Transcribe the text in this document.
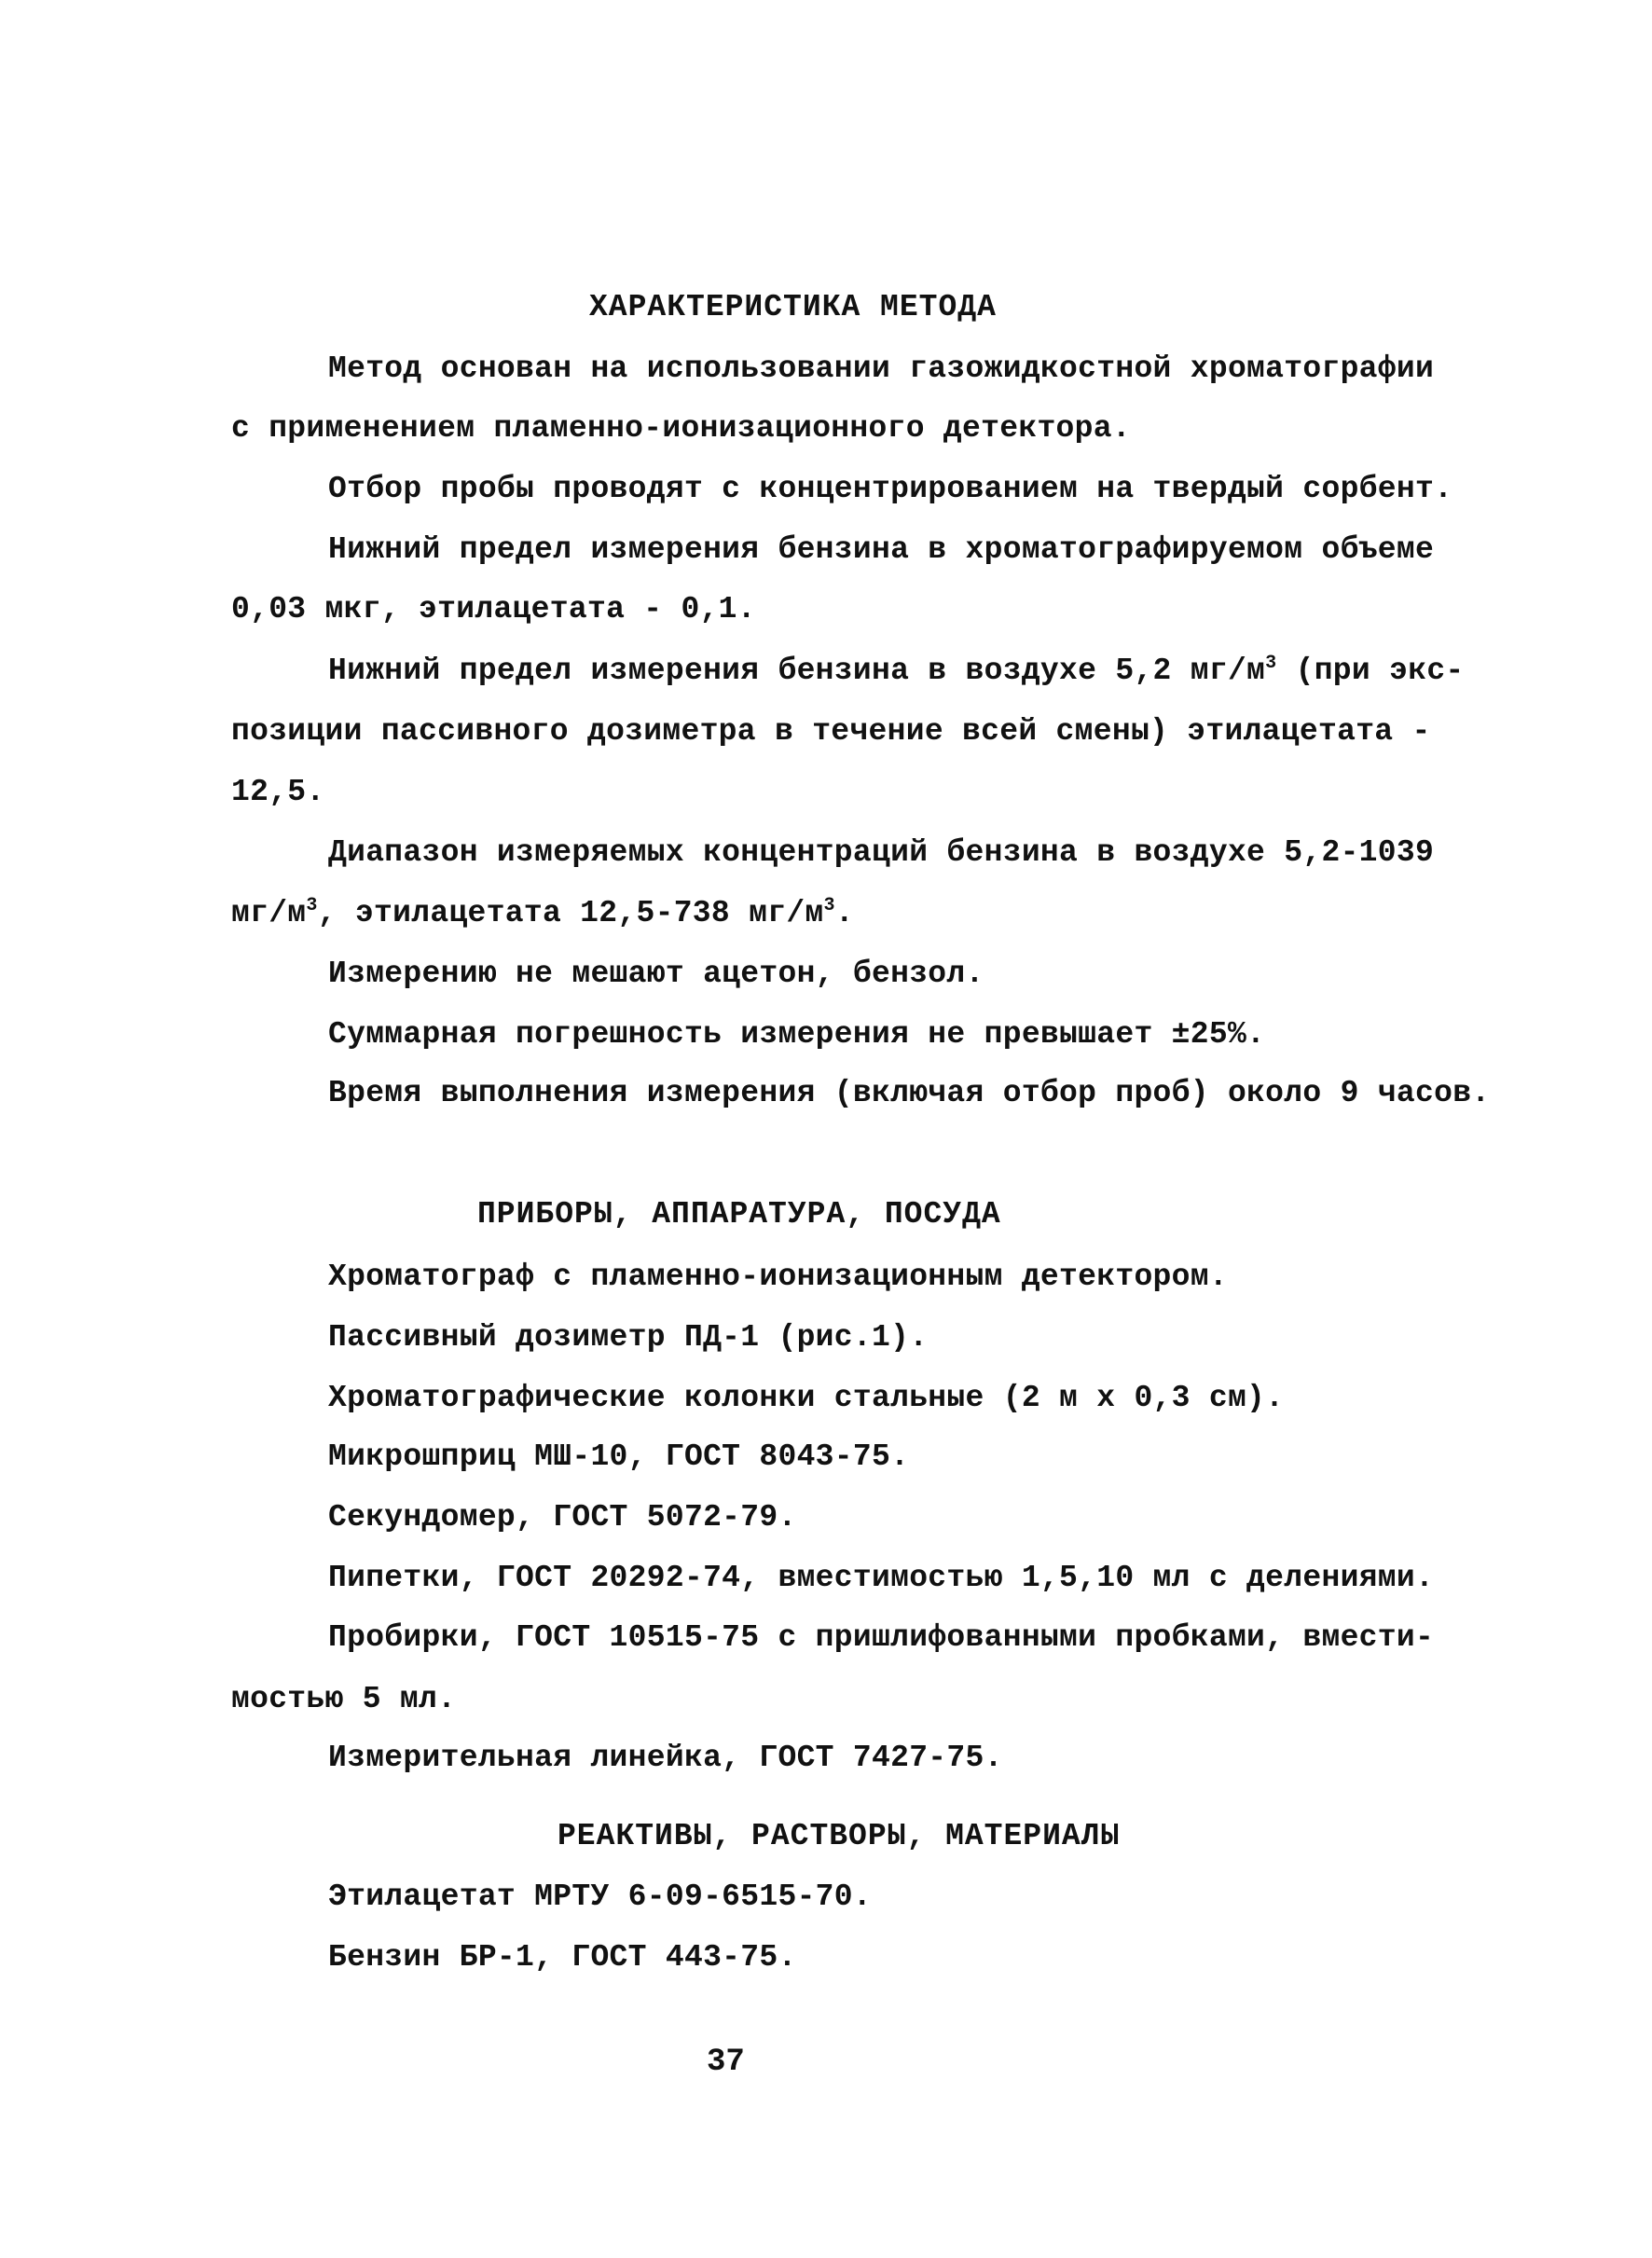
ХАРАКТЕРИСТИКА МЕТОДА
Метод основан на использовании газожидкостной хроматографии
с применением пламенно-ионизационного детектора.
Отбор пробы проводят с концентрированием на твердый сорбент.
Нижний предел измерения бензина в хроматографируемом объеме
0,03 мкг, этилацетата - 0,1.
Нижний предел измерения бензина в воздухе 5,2 $мг/м^3$ (при экс-
позиции пассивного дозиметра в течение всей смены) этилацетата -
12,5.
Диапазон измеряемых концентраций бензина в воздухе 5,2-1039
$мг/м^3$, этилацетата 12,5-738 $мг/м^3$.
Измерению не мешают ацетон, бензол.
Суммарная погрешность измерения не превышает ±25%.
Время выполнения измерения (включая отбор проб) около 9 часов.
ПРИБОРЫ, АППАРАТУРА, ПОСУДА
Хроматограф с пламенно-ионизационным детектором.
Пассивный дозиметр ПД-1 (рис.1).
Хроматографические колонки стальные (2 м х 0,3 см).
Микрошприц МШ-10, ГОСТ 8043-75.
Секундомер, ГОСТ 5072-79.
Пипетки, ГОСТ 20292-74, вместимостью 1,5,10 мл с делениями.
Пробирки, ГОСТ 10515-75 с пришлифованными пробками, вмести-
мостью 5 мл.
Измерительная линейка, ГОСТ 7427-75.
РЕАКТИВЫ, РАСТВОРЫ, МАТЕРИАЛЫ
Этилацетат МРТУ 6-09-6515-70.
Бензин БР-1, ГОСТ 443-75.
37
